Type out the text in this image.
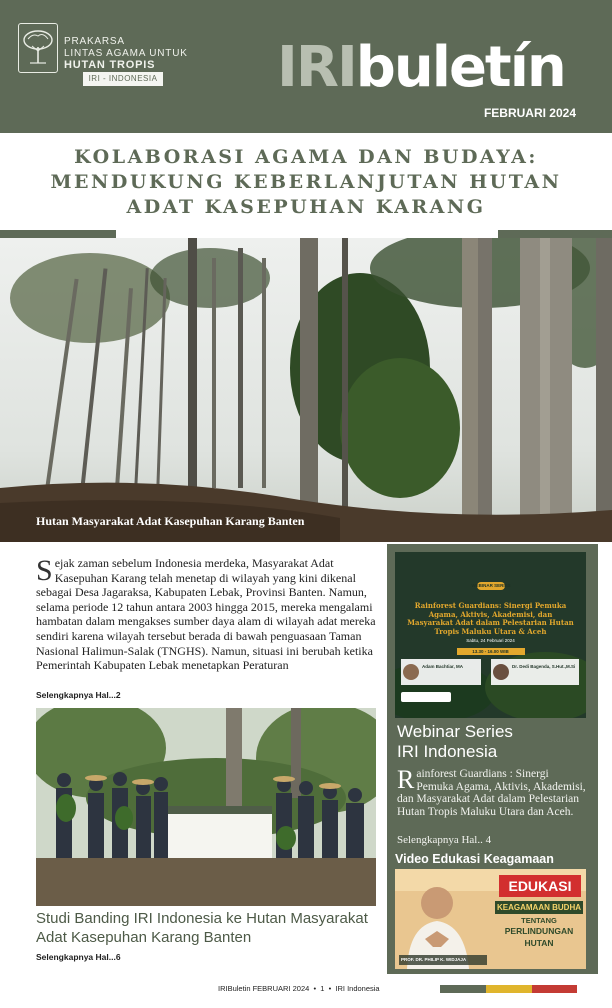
PRAKARSA
LINTAS AGAMA UNTUK
HUTAN TROPIS
IRI - INDONESIA IRIbuletín
FEBRUARI 2024
KOLABORASI AGAMA DAN BUDAYA:
MENDUKUNG KEBERLANJUTAN HUTAN
ADAT KASEPUHAN KARANG
Hutan Masyarakat Adat Kasepuhan Karang Banten

Sejak zaman sebelum Indonesia merdeka, Masyarakat Adat Kasepuhan Karang telah menetap di wilayah yang kini dikenal sebagai Desa Jagaraksa, Kabupaten Lebak, Provinsi Banten. Namun, selama periode 12 tahun antara 2003 hingga 2015, mereka mengalami hambatan dalam mengakses sumber daya alam di wilayah adat mereka sendiri karena wilayah tersebut berada di bawah penguasaan Taman Nasional Halimun-Salak (TNGHS). Namun, situasi ini berubah ketika Pemerintah Kabupaten Lebak menetapkan Peraturan

Selengkapnya Hal...2
Studi Banding IRI Indonesia ke Hutan Masyarakat Adat Kasepuhan Karang Banten
Selengkapnya Hal...6
WEBINAR SERIES
Rainforest Guardians: Sinergi Pemuka Agama, Aktivis, Akademisi, dan Masyarakat Adat dalam Pelestarian Hutan Tropis Maluku Utara & Aceh
Sabtu, 24 Februari 2024
13.30 - 16.00 WIB
Adam Bachtiar, MA	Dr. Dedi Bagenda, S.Hut.,M.Si
Webinar Series
IRI Indonesia

Rainforest Guardians : Sinergi Pemuka Agama, Aktivis, Akademisi, dan Masyarakat Adat dalam Pelestarian Hutan Tropis Maluku Utara dan Aceh.

Selengkapnya Hal.. 4
Video Edukasi Keagamaan
EDUKASI
KEAGAMAAN BUDHA
TENTANG
PERLINDUNGAN
HUTAN
PROF. DR. PHILIP K. WIDJAJA
IRIBuletin FEBRUARI 2024  •  1  •  IRI Indonesia
